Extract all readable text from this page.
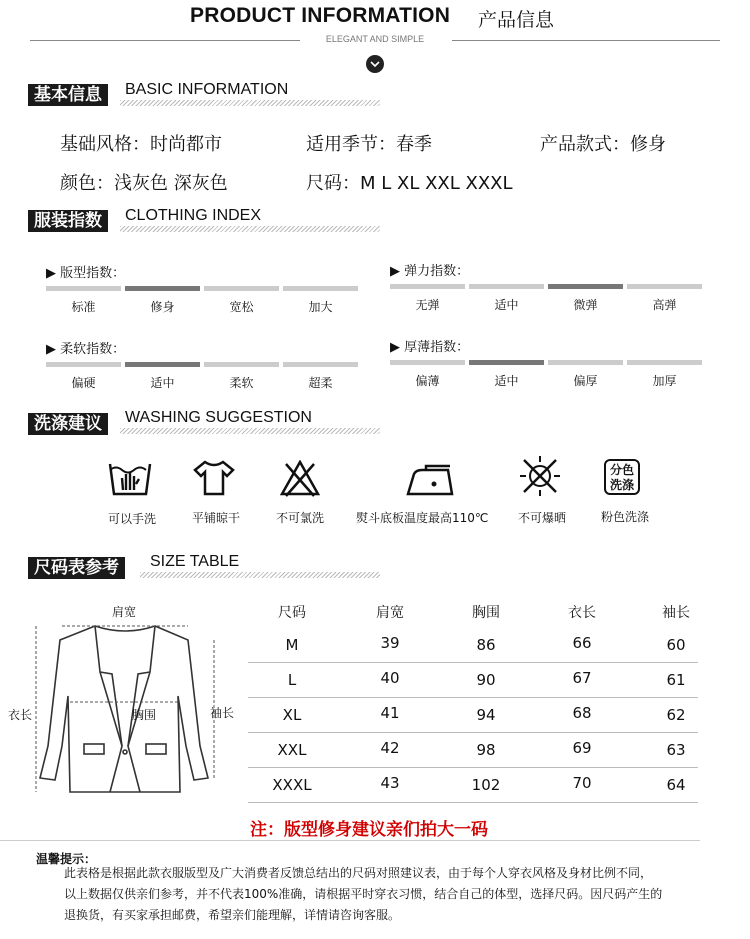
PRODUCT INFORMATION 产品信息
ELEGANT AND SIMPLE
基本信息	BASIC INFORMATION
基础风格：时尚都市	适用季节：春季	产品款式：修身
颜色：浅灰色 深灰色	尺码：M L XL XXL XXXL
服装指数	CLOTHING INDEX
▶ 版型指数：
标准	修身	宽松	加大
▶ 弹力指数：
无弹	适中	微弹	高弹
▶ 柔软指数：
偏硬	适中	柔软	超柔
▶ 厚薄指数：
偏薄	适中	偏厚	加厚
洗涤建议	WASHING SUGGESTION
分色
洗涤
可以手洗	平铺晾干	不可氯洗	熨斗底板温度最高110℃	不可爆晒	粉色洗涤
尺码表参考	SIZE TABLE
肩宽
衣长	胸围	袖长
尺码	肩宽	胸围	衣长	袖长
M	39	86	66	60
L	40	90	67	61
XL	41	94	68	62
XXL	42	98	69	63
XXXL	43	102	70	64
注：版型修身建议亲们拍大一码
温馨提示：
此表格是根据此款衣服版型及广大消费者反馈总结出的尺码对照建议表，由于每个人穿衣风格及身材比例不同，
以上数据仅供亲们参考，并不代表100%准确，请根据平时穿衣习惯，结合自己的体型，选择尺码。因尺码产生的
退换货，有买家承担邮费，希望亲们能理解，详情请咨询客服。
